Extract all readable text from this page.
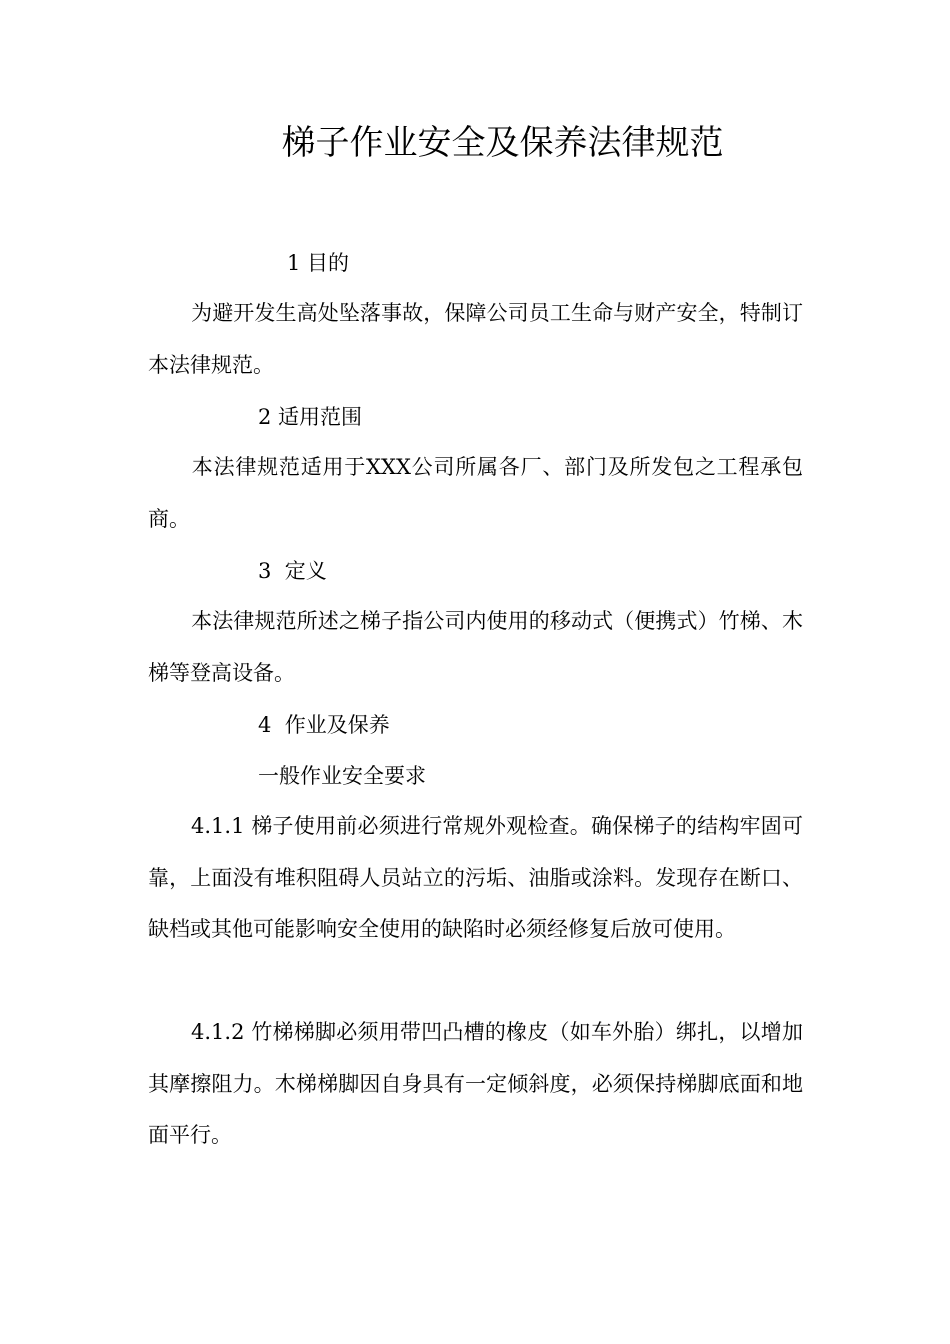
梯子作业安全及保养法律规范
1 目的
为避开发生高处坠落事故，保障公司员工生命与财产安全，特制订本法律规范。
2 适用范围
本法律规范适用于XXX公司所属各厂、部门及所发包之工程承包商。
3  定义
本法律规范所述之梯子指公司内使用的移动式（便携式）竹梯、木梯等登高设备。
4  作业及保养
一般作业安全要求
4.1.1 梯子使用前必须进行常规外观检查。确保梯子的结构牢固可靠，上面没有堆积阻碍人员站立的污垢、油脂或涂料。发现存在断口、缺档或其他可能影响安全使用的缺陷时必须经修复后放可使用。
4.1.2 竹梯梯脚必须用带凹凸槽的橡皮（如车外胎）绑扎，以增加其摩擦阻力。木梯梯脚因自身具有一定倾斜度，必须保持梯脚底面和地面平行。
